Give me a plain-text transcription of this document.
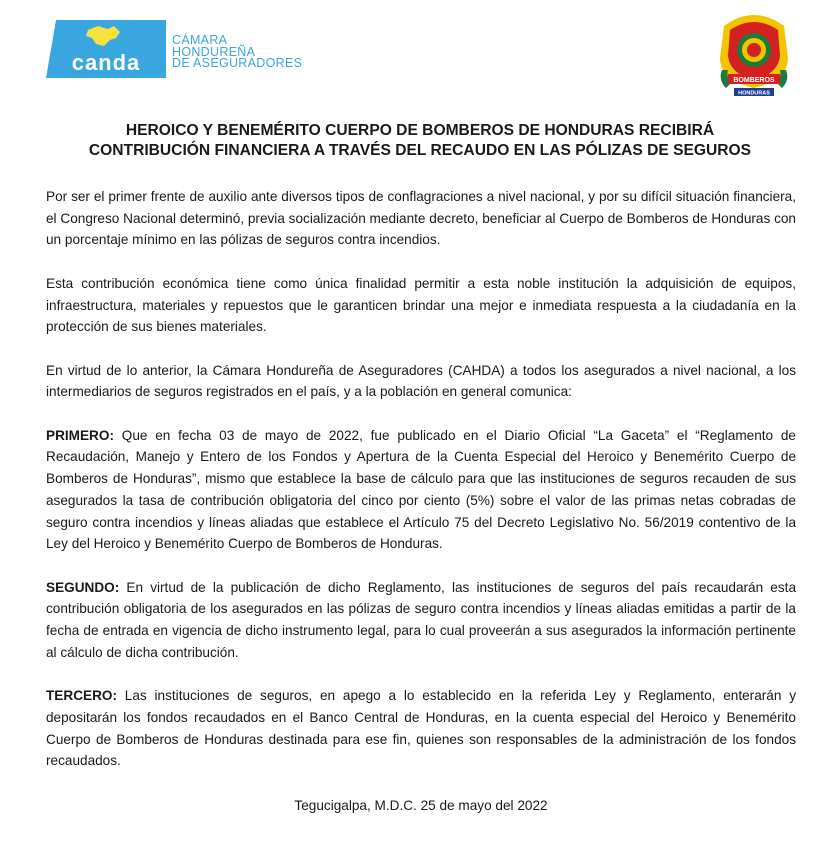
canda
CÁMARA
HONDUREÑA
DE ASEGURADORES
BOMBEROS
HONDURAS
HEROICO Y BENEMÉRITO CUERPO DE BOMBEROS DE HONDURAS RECIBIRÁ
CONTRIBUCIÓN FINANCIERA A TRAVÉS DEL RECAUDO EN LAS PÓLIZAS DE SEGUROS

Por ser el primer frente de auxilio ante diversos tipos de conflagraciones a nivel nacional, y por su difícil situación financiera, el Congreso Nacional determinó, previa socialización mediante decreto, beneficiar al Cuerpo de Bomberos de Honduras con un porcentaje mínimo en las pólizas de seguros contra incendios.

Esta contribución económica tiene como única finalidad permitir a esta noble institución la adquisición de equipos, infraestructura, materiales y repuestos que le garanticen brindar una mejor e inmediata respuesta a la ciudadanía en la protección de sus bienes materiales.

En virtud de lo anterior, la Cámara Hondureña de Aseguradores (CAHDA) a todos los asegurados a nivel nacional, a los intermediarios de seguros registrados en el país, y a la población en general comunica:

PRIMERO: Que en fecha 03 de mayo de 2022, fue publicado en el Diario Oficial “La Gaceta” el “Reglamento de Recaudación, Manejo y Entero de los Fondos y Apertura de la Cuenta Especial del Heroico y Benemérito Cuerpo de Bomberos de Honduras”, mismo que establece la base de cálculo para que las instituciones de seguros recauden de sus asegurados la tasa de contribución obligatoria del cinco por ciento (5%) sobre el valor de las primas netas cobradas de seguro contra incendios y líneas aliadas que establece el Artículo 75 del Decreto Legislativo No. 56/2019 contentivo de la Ley del Heroico y Benemérito Cuerpo de Bomberos de Honduras.

SEGUNDO: En virtud de la publicación de dicho Reglamento, las instituciones de seguros del país recaudarán esta contribución obligatoria de los asegurados en las pólizas de seguro contra incendios y líneas aliadas emitidas a partir de la fecha de entrada en vigencia de dicho instrumento legal, para lo cual proveerán a sus asegurados la información pertinente al cálculo de dicha contribución.

TERCERO: Las instituciones de seguros, en apego a lo establecido en la referida Ley y Reglamento, enterarán y depositarán los fondos recaudados en el Banco Central de Honduras, en la cuenta especial del Heroico y Benemérito Cuerpo de Bomberos de Honduras destinada para ese fin, quienes son responsables de la administración de los fondos recaudados.

Tegucigalpa, M.D.C. 25 de mayo del 2022
